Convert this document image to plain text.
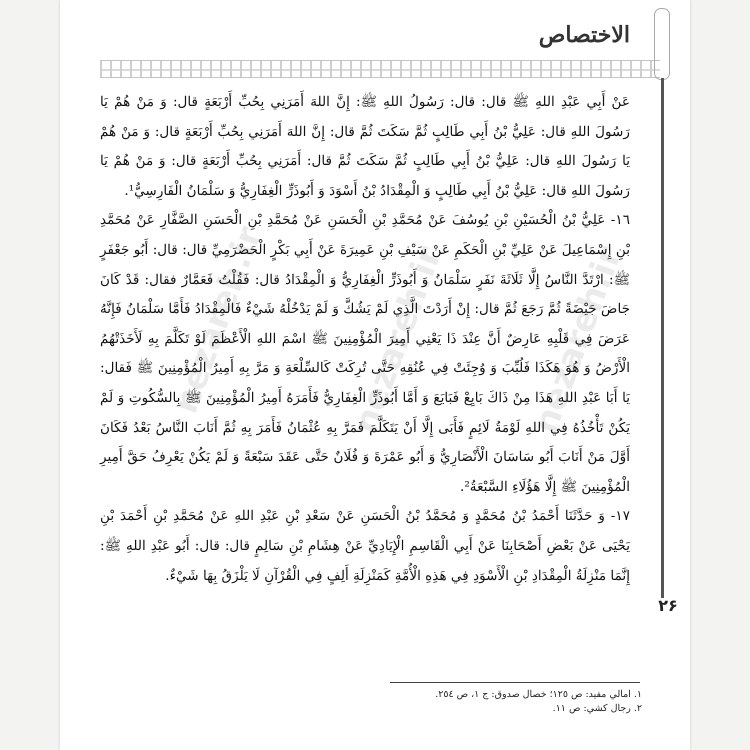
الاختصاص

عَنْ أَبِي عَبْدِ اللهِ ﷺ قال: قال: رَسُولُ اللهِ ﷺ: إِنَّ اللهَ أَمَرَنِي بِحُبِّ أَرْبَعَةٍ قال: وَ مَنْ هُمْ يَا رَسُولَ اللهِ قال: عَلِيُّ بْنُ أَبِي طَالِبٍ ثُمَّ سَكَتَ ثُمَّ قال: إِنَّ اللهَ أَمَرَنِي بِحُبِّ أَرْبَعَةٍ قال: وَ مَنْ هُمْ يَا رَسُولَ اللهِ قال: عَلِيُّ بْنُ أَبِي طَالِبٍ ثُمَّ سَكَتَ ثُمَّ قال: أَمَرَنِي بِحُبِّ أَرْبَعَةٍ قال: وَ مَنْ هُمْ يَا رَسُولَ اللهِ قال: عَلِيُّ بْنُ أَبِي طَالِبٍ وَ الْمِقْدَادُ بْنُ أَسْوَدَ وَ أَبُوذَرٍّ الْغِفَارِيُّ وَ سَلْمَانُ الْفَارِسِيُّ¹.

١٦- عَلِيُّ بْنُ الْحُسَيْنِ بْنِ يُوسُفَ عَنْ مُحَمَّدِ بْنِ الْحَسَنِ عَنْ مُحَمَّدِ بْنِ الْحَسَنِ الصَّفَّارِ عَنْ مُحَمَّدِ بْنِ إِسْمَاعِيلَ عَنْ عَلِيِّ بْنِ الْحَكَمِ عَنْ سَيْفِ بْنِ عَمِيرَةَ عَنْ أَبِي بَكْرٍ الْحَضْرَمِيِّ قال: قال: أَبُو جَعْفَرٍ ﷺ: ارْتَدَّ النَّاسُ إِلَّا ثَلَاثَةَ نَفَرٍ سَلْمَانُ وَ أَبُوذَرٍّ الْغِفَارِيُّ وَ الْمِقْدَادُ قال: فَقُلْتُ فَعَمَّارٌ فقال: قَدْ كَانَ جَاضَ جَيْضَةً ثُمَّ رَجَعَ ثُمَّ قال: إِنْ أَرَدْتَ الَّذِي لَمْ يَشُكَّ وَ لَمْ يَدْخُلْهُ شَيْءٌ فَالْمِقْدَادُ فَأَمَّا سَلْمَانُ فَإِنَّهُ عَرَضَ فِي قَلْبِهِ عَارِضٌ أَنَّ عِنْدَ ذَا يَعْنِي أَمِيرَ الْمُؤْمِنِينَ ﷺ اسْمَ اللهِ الْأَعْظَمَ لَوْ تَكَلَّمَ بِهِ لَأَخَذَتْهُمُ الْأَرْضُ وَ هُوَ هَكَذَا فَلُبِّبَ وَ وُجِئَتْ فِي عُنُقِهِ حَتَّى تُرِكَتْ كَالسِّلْعَةِ وَ مَرَّ بِهِ أَمِيرُ الْمُؤْمِنِينَ ﷺ فَقال: يَا أَبَا عَبْدِ اللهِ هَذَا مِنْ ذَاكَ بَايِعْ فَبَايَعَ وَ أَمَّا أَبُوذَرٍّ الْغِفَارِيُّ فَأَمَرَهُ أَمِيرُ الْمُؤْمِنِينَ ﷺ بِالسُّكُوتِ وَ لَمْ يَكُنْ تَأْخُذُهُ فِي اللهِ لَوْمَةُ لَائِمٍ فَأَبَى إِلَّا أَنْ يَتَكَلَّمَ فَمَرَّ بِهِ عُثْمَانُ فَأَمَرَ بِهِ ثُمَّ أَنَابَ النَّاسُ بَعْدُ فَكَانَ أَوَّلَ مَنْ أَنَابَ أَبُو سَاسَانَ الْأَنْصَارِيُّ وَ أَبُو عَمْرَةَ وَ فُلَانٌ حَتَّى عَقَدَ سَبْعَةً وَ لَمْ يَكُنْ يَعْرِفُ حَقَّ أَمِيرِ الْمُؤْمِنِينَ ﷺ إِلَّا هَؤُلَاءِ السَّبْعَةُ².

١٧- وَ حَدَّثَنَا أَحْمَدُ بْنُ مُحَمَّدٍ وَ مُحَمَّدُ بْنُ الْحَسَنِ عَنْ سَعْدِ بْنِ عَبْدِ اللهِ عَنْ مُحَمَّدِ بْنِ أَحْمَدَ بْنِ يَحْيَى عَنْ بَعْضِ أَصْحَابِنَا عَنْ أَبِي الْقَاسِمِ الْإِيَادِيِّ عَنْ هِشَامِ بْنِ سَالِمٍ قال: قال: أَبُو عَبْدِ اللهِ ﷺ: إِنَّمَا مَنْزِلَةُ الْمِقْدَادِ بْنِ الْأَسْوَدِ فِي هَذِهِ الْأُمَّةِ كَمَنْزِلَةِ أَلِفٍ فِي الْقُرْآنِ لَا يَلْزَقُ بِهَا شَيْءٌ.

۲۶
١. امالي مفيد: ص ١٢٥؛ خصال صدوق: ج ١، ص ٢٥٤.
٢. رجال كشي: ص ١١.
nezareh.ir nezareh.ir nezareh.ir
